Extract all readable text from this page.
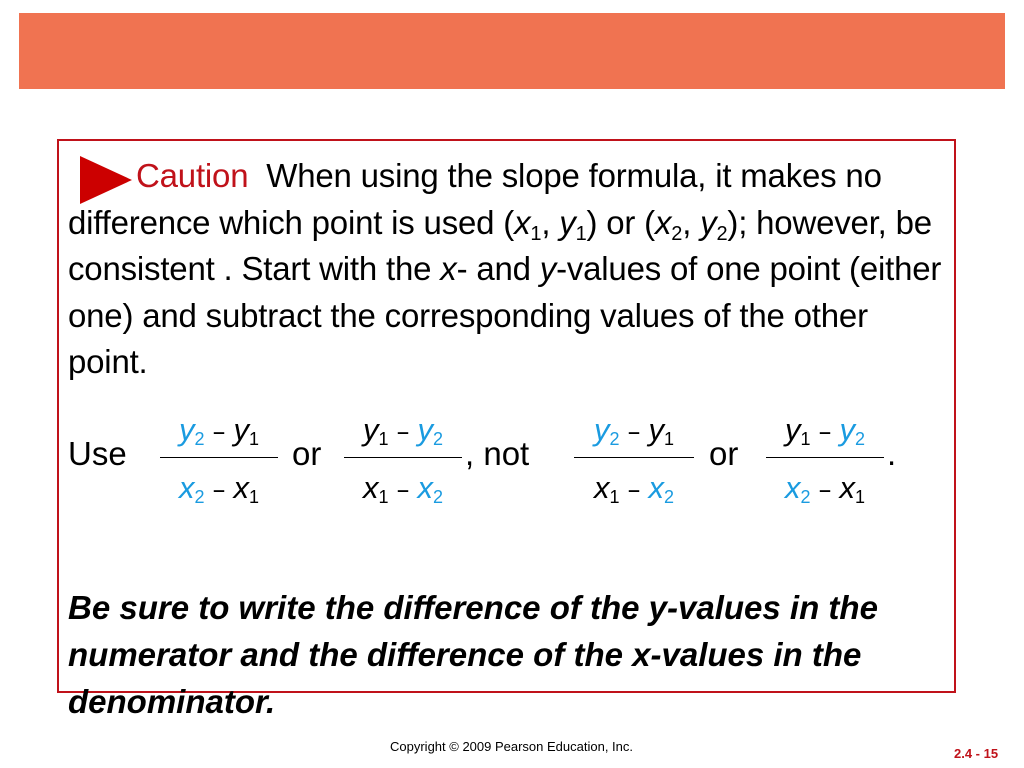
Caution When using the slope formula, it makes no difference which point is used ($x_1$, $y_1$) or ($x_2$, $y_2$); however, be consistent . Start with the x- and y-values of one point (either one) and subtract the corresponding values of the other point.
Use
$y_2 - y_1$
$x_2 - x_1$
or
$y_1 - y_2$
$x_1 - x_2$
, not
$y_2 - y_1$
$x_1 - x_2$
or
$y_1 - y_2$
$x_2 - x_1$
.
Be sure to write the difference of the y-values in the numerator and the difference of the x-values in the denominator.
Copyright © 2009 Pearson Education, Inc.	2.4 - 15
